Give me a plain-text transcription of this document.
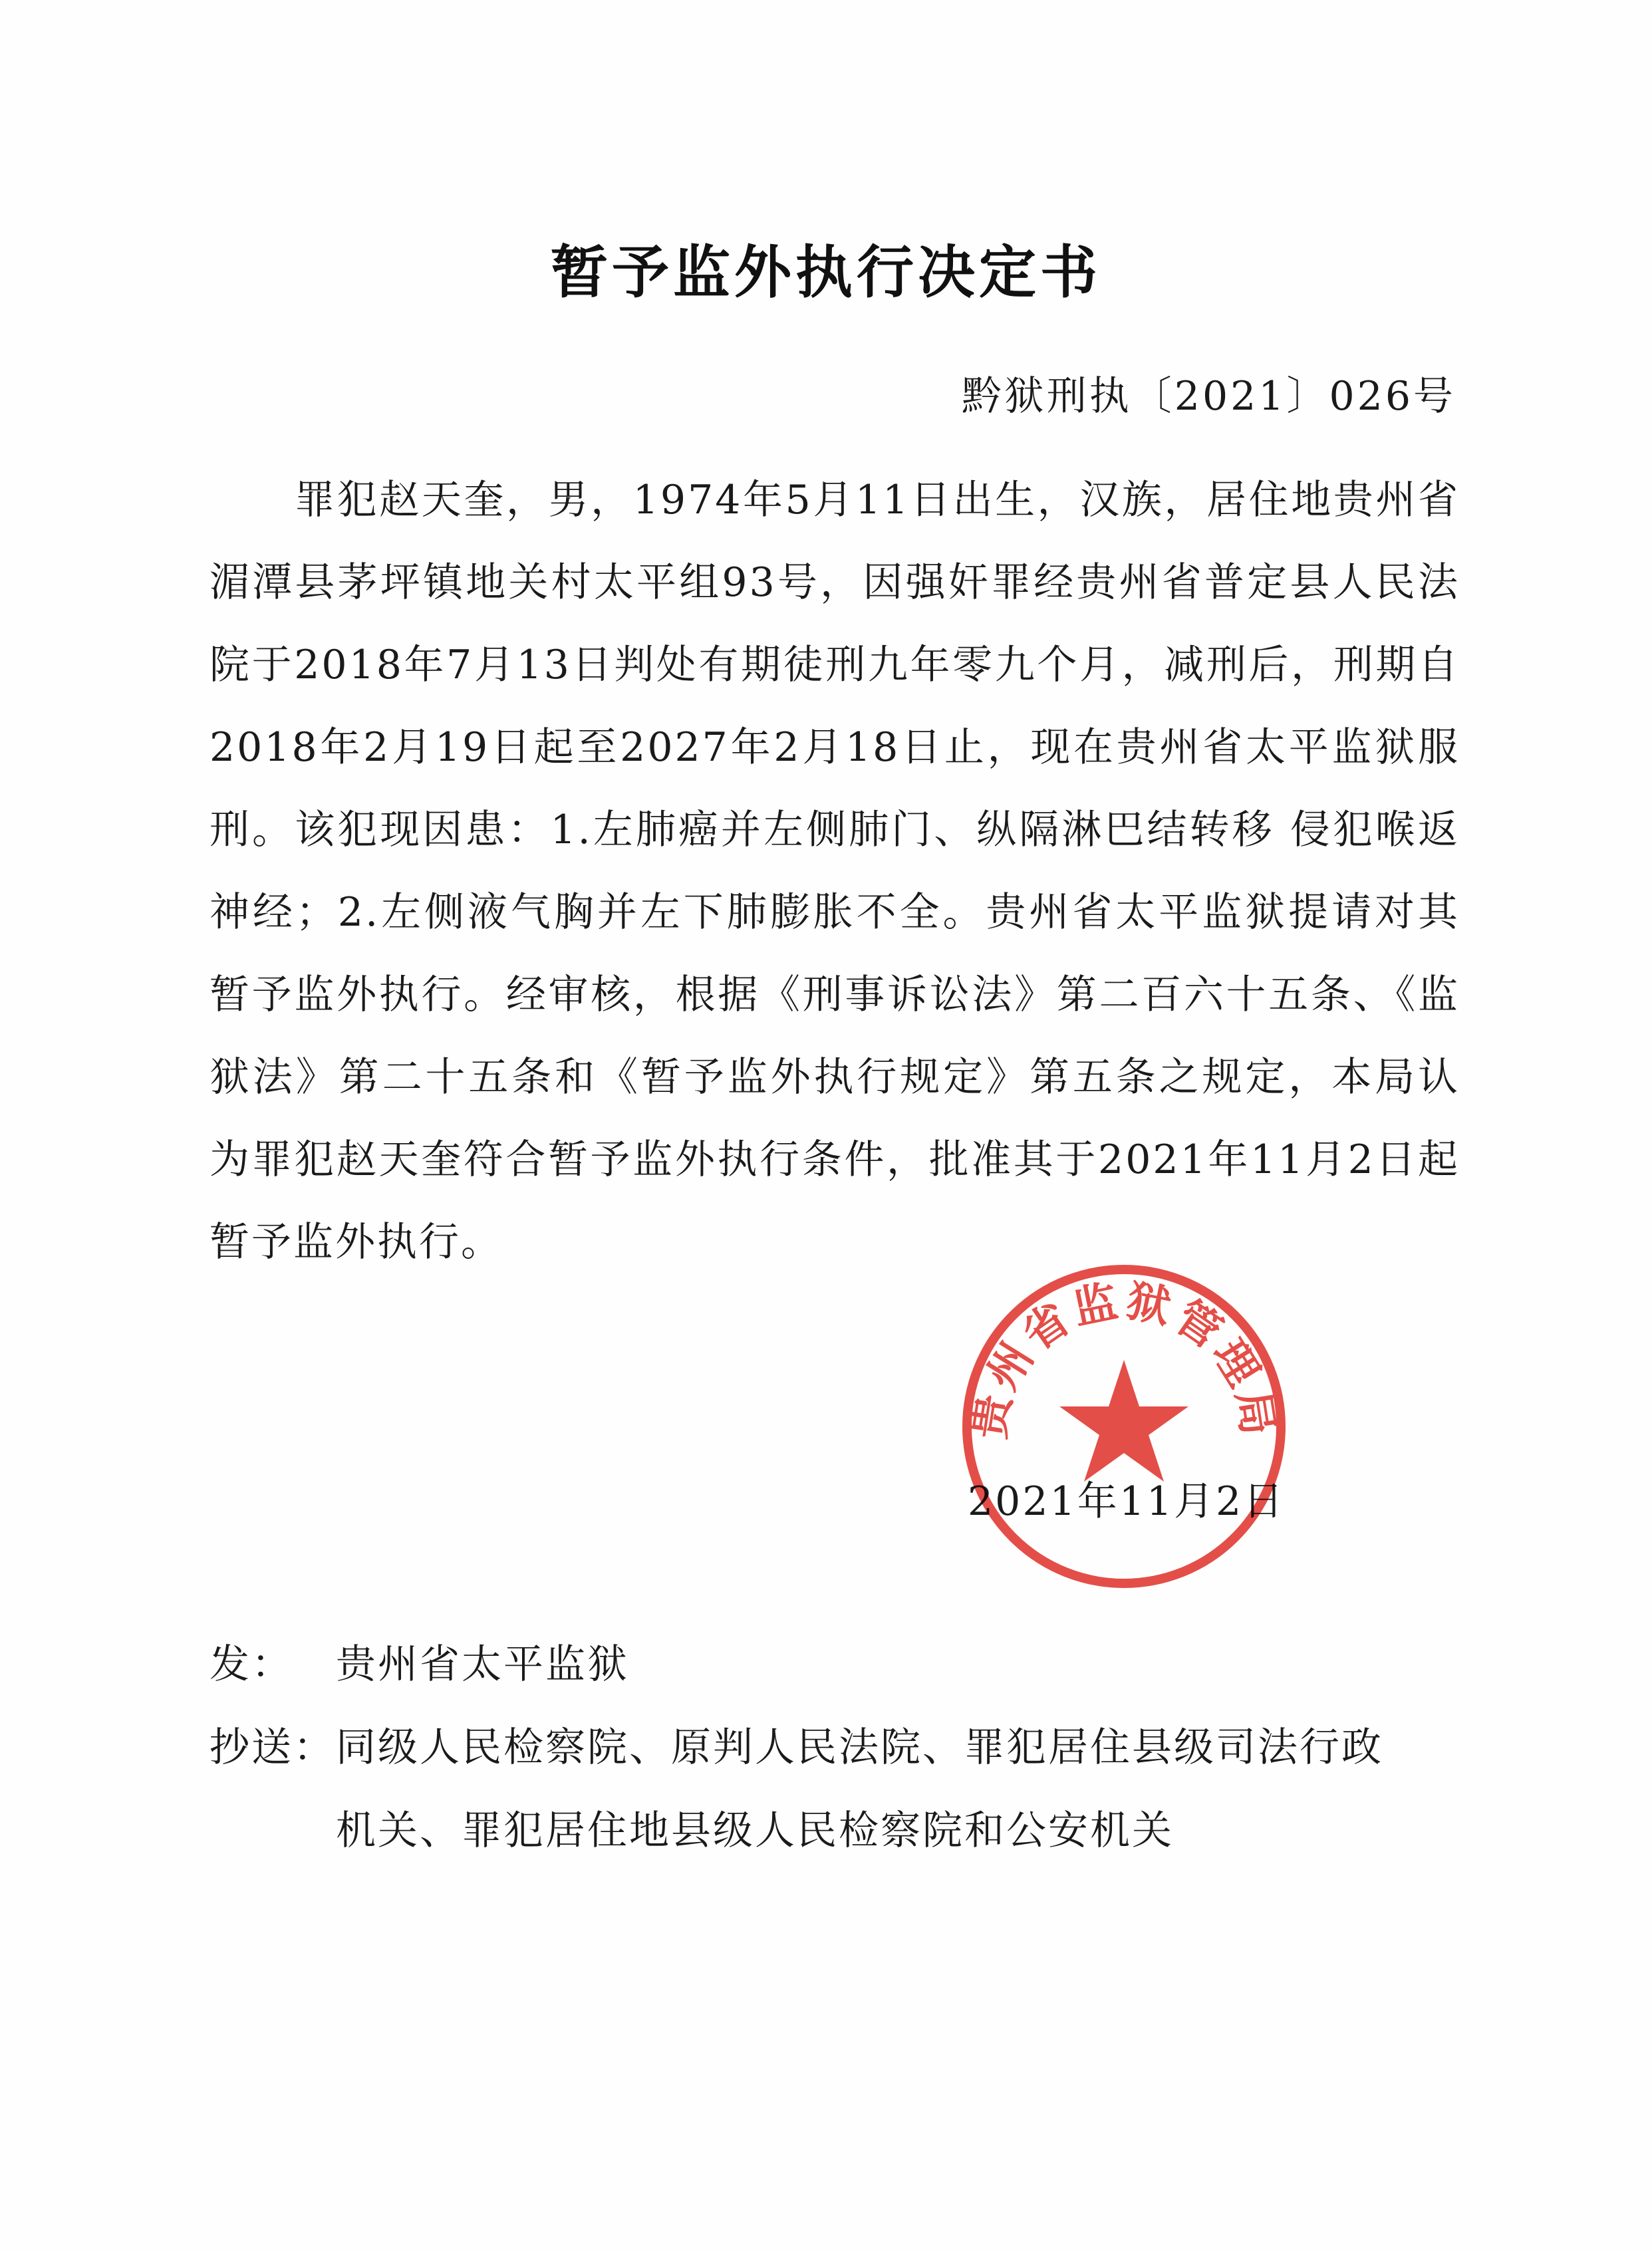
暂予监外执行决定书
黔狱刑执〔2021〕026号

罪犯赵天奎，男，1974年5月11日出生，汉族，居住地贵州省湄潭县茅坪镇地关村太平组93号，因强奸罪经贵州省普定县人民法院于2018年7月13日判处有期徒刑九年零九个月，减刑后，刑期自2018年2月19日起至2027年2月18日止，现在贵州省太平监狱服刑。该犯现因患：1.左肺癌并左侧肺门、纵隔淋巴结转移 侵犯喉返神经；2.左侧液气胸并左下肺膨胀不全。贵州省太平监狱提请对其暂予监外执行。经审核，根据《刑事诉讼法》第二百六十五条、《监狱法》第二十五条和《暂予监外执行规定》第五条之规定，本局认为罪犯赵天奎符合暂予监外执行条件，批准其于2021年11月2日起暂予监外执行。

2021年11月2日
贵州省监狱管理局
发： 贵州省太平监狱
抄送：同级人民检察院、原判人民法院、罪犯居住县级司法行政
机关、罪犯居住地县级人民检察院和公安机关
